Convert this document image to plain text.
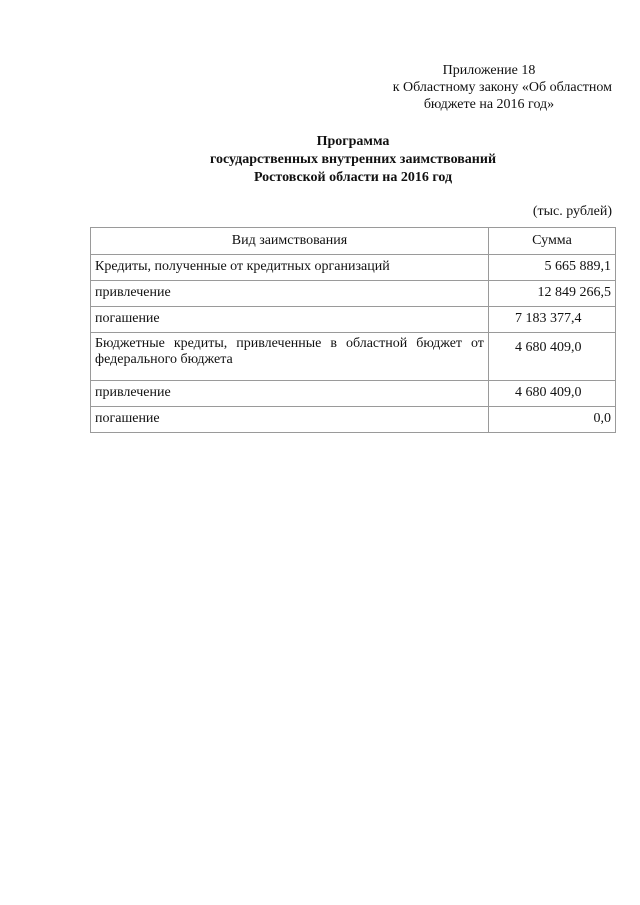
Приложение 18
к Областному закону «Об областном
бюджете на 2016 год»
Программа
государственных внутренних заимствований
Ростовской области на 2016 год
(тыс. рублей)
Вид заимствования	Сумма
Кредиты, полученные от кредитных организаций	5 665 889,1
привлечение	12 849 266,5
погашение	7 183 377,4
Бюджетные кредиты, привлеченные в областной бюджет от федерального бюджета	4 680 409,0
привлечение	4 680 409,0
погашение	0,0
